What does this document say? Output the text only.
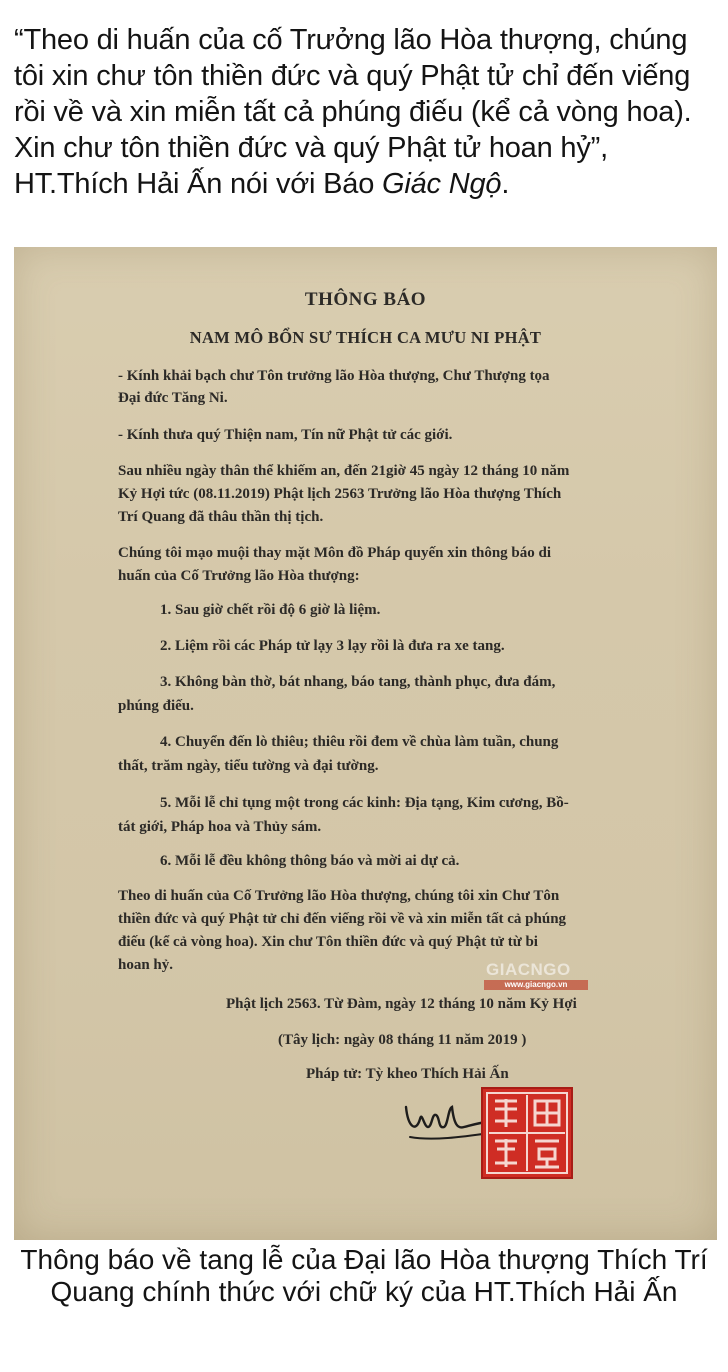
“Theo di huấn của cố Trưởng lão Hòa thượng, chúng tôi xin chư tôn thiền đức và quý Phật tử chỉ đến viếng rồi về và xin miễn tất cả phúng điếu (kể cả vòng hoa). Xin chư tôn thiền đức và quý Phật tử hoan hỷ”, HT.Thích Hải Ấn nói với Báo Giác Ngộ.
THÔNG BÁO
NAM MÔ BỔN SƯ THÍCH CA MƯU NI PHẬT
- Kính khải bạch chư Tôn trưởng lão Hòa thượng, Chư Thượng tọa
Đại đức Tăng Ni.
- Kính thưa quý Thiện nam, Tín nữ Phật tử các giới.
Sau nhiều ngày thân thể khiếm an, đến 21giờ 45 ngày 12 tháng 10 năm
Kỷ Hợi tức (08.11.2019) Phật lịch 2563 Trưởng lão Hòa thượng Thích
Trí Quang đã thâu thần thị tịch.
Chúng tôi mạo muội thay mặt Môn đồ Pháp quyến xin thông báo di
huấn của Cố Trưởng lão Hòa thượng:
1. Sau giờ chết rồi độ 6 giờ là liệm.
2. Liệm rồi các Pháp tử lạy 3 lạy rồi là đưa ra xe tang.
3. Không bàn thờ, bát nhang, báo tang, thành phục, đưa đám,
phúng điếu.
4. Chuyển đến lò thiêu; thiêu rồi đem về chùa làm tuần, chung
thất, trăm ngày, tiểu tường và đại tường.
5. Mỗi lễ chỉ tụng một trong các kinh: Địa tạng, Kim cương, Bồ-
tát giới, Pháp hoa và Thủy sám.
6. Mỗi lễ đều không thông báo và mời ai dự cả.
Theo di huấn của Cố Trưởng lão Hòa thượng, chúng tôi xin Chư Tôn
thiền đức và quý Phật tử chỉ đến viếng rồi về và xin miễn tất cả phúng
điếu (kể cả vòng hoa). Xin chư Tôn thiền đức và quý Phật tử từ bi
hoan hỷ.	GIACNGO
www.giacngo.vn
Phật lịch 2563. Từ Đàm, ngày 12 tháng 10 năm Kỷ Hợi
(Tây lịch: ngày 08 tháng 11 năm 2019 )
Pháp tử: Tỳ kheo Thích Hải Ấn
Thông báo về tang lễ của Đại lão Hòa thượng Thích Trí Quang chính thức với chữ ký của HT.Thích Hải Ấn
